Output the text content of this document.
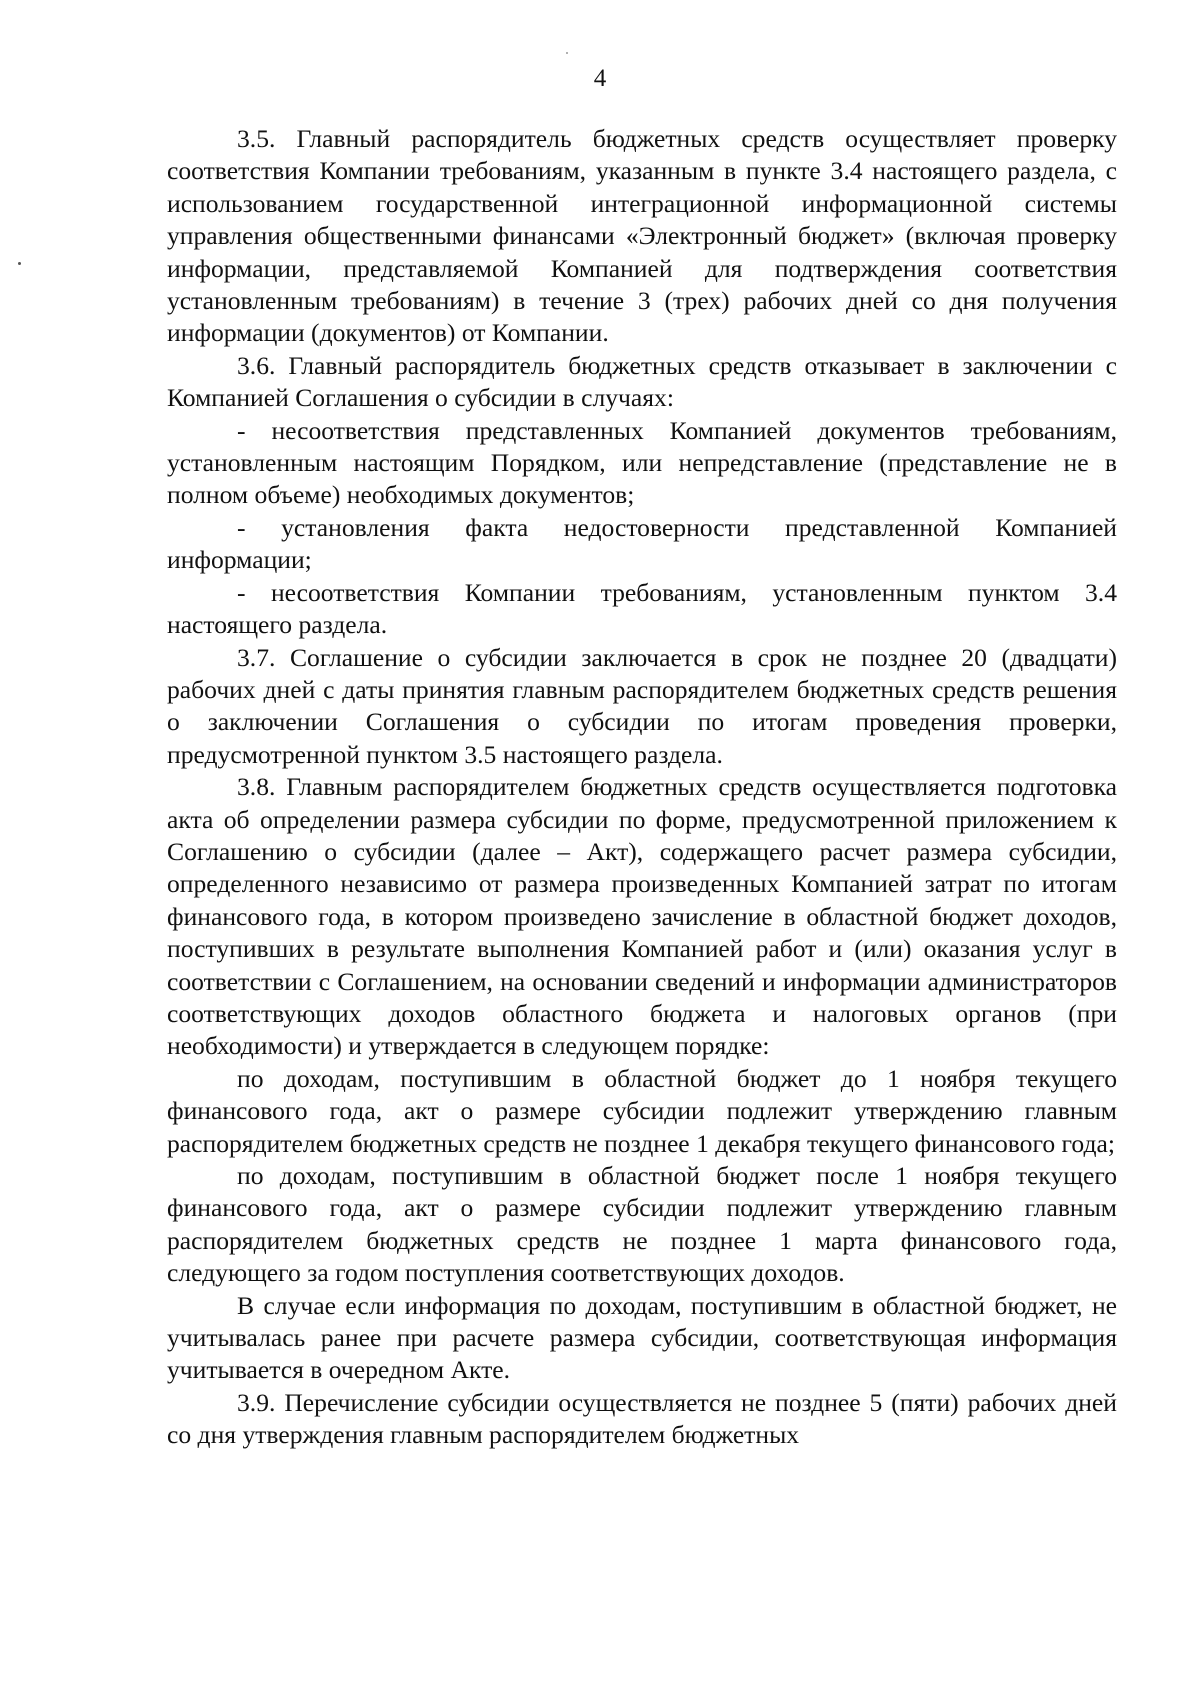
4

3.5. Главный распорядитель бюджетных средств осуществляет проверку соответствия Компании требованиям, указанным в пункте 3.4 настоящего раздела, с использованием государственной интеграционной информационной системы управления общественными финансами «Электронный бюджет» (включая проверку информации, представляемой Компанией для подтверждения соответствия установленным требованиям) в течение 3 (трех) рабочих дней со дня получения информации (документов) от Компании.

3.6. Главный распорядитель бюджетных средств отказывает в заключении с Компанией Соглашения о субсидии в случаях:

- несоответствия представленных Компанией документов требованиям, установленным настоящим Порядком, или непредставление (представление не в полном объеме) необходимых документов;

- установления факта недостоверности представленной Компанией информации;

- несоответствия Компании требованиям, установленным пунктом 3.4 настоящего раздела.

3.7. Соглашение о субсидии заключается в срок не позднее 20 (двадцати) рабочих дней с даты принятия главным распорядителем бюджетных средств решения о заключении Соглашения о субсидии по итогам проведения проверки, предусмотренной пунктом 3.5 настоящего раздела.

3.8. Главным распорядителем бюджетных средств осуществляется подготовка акта об определении размера субсидии по форме, предусмотренной приложением к Соглашению о субсидии (далее – Акт), содержащего расчет размера субсидии, определенного независимо от размера произведенных Компанией затрат по итогам финансового года, в котором произведено зачисление в областной бюджет доходов, поступивших в результате выполнения Компанией работ и (или) оказания услуг в соответствии с Соглашением, на основании сведений и информации администраторов соответствующих доходов областного бюджета и налоговых органов (при необходимости) и утверждается в следующем порядке:

по доходам, поступившим в областной бюджет до 1 ноября текущего финансового года, акт о размере субсидии подлежит утверждению главным распорядителем бюджетных средств не позднее 1 декабря текущего финансового года;

по доходам, поступившим в областной бюджет после 1 ноября текущего финансового года, акт о размере субсидии подлежит утверждению главным распорядителем бюджетных средств не позднее 1 марта финансового года, следующего за годом поступления соответствующих доходов.

В случае если информация по доходам, поступившим в областной бюджет, не учитывалась ранее при расчете размера субсидии, соответствующая информация учитывается в очередном Акте.

3.9. Перечисление субсидии осуществляется не позднее 5 (пяти) рабочих дней со дня утверждения главным распорядителем бюджетных
